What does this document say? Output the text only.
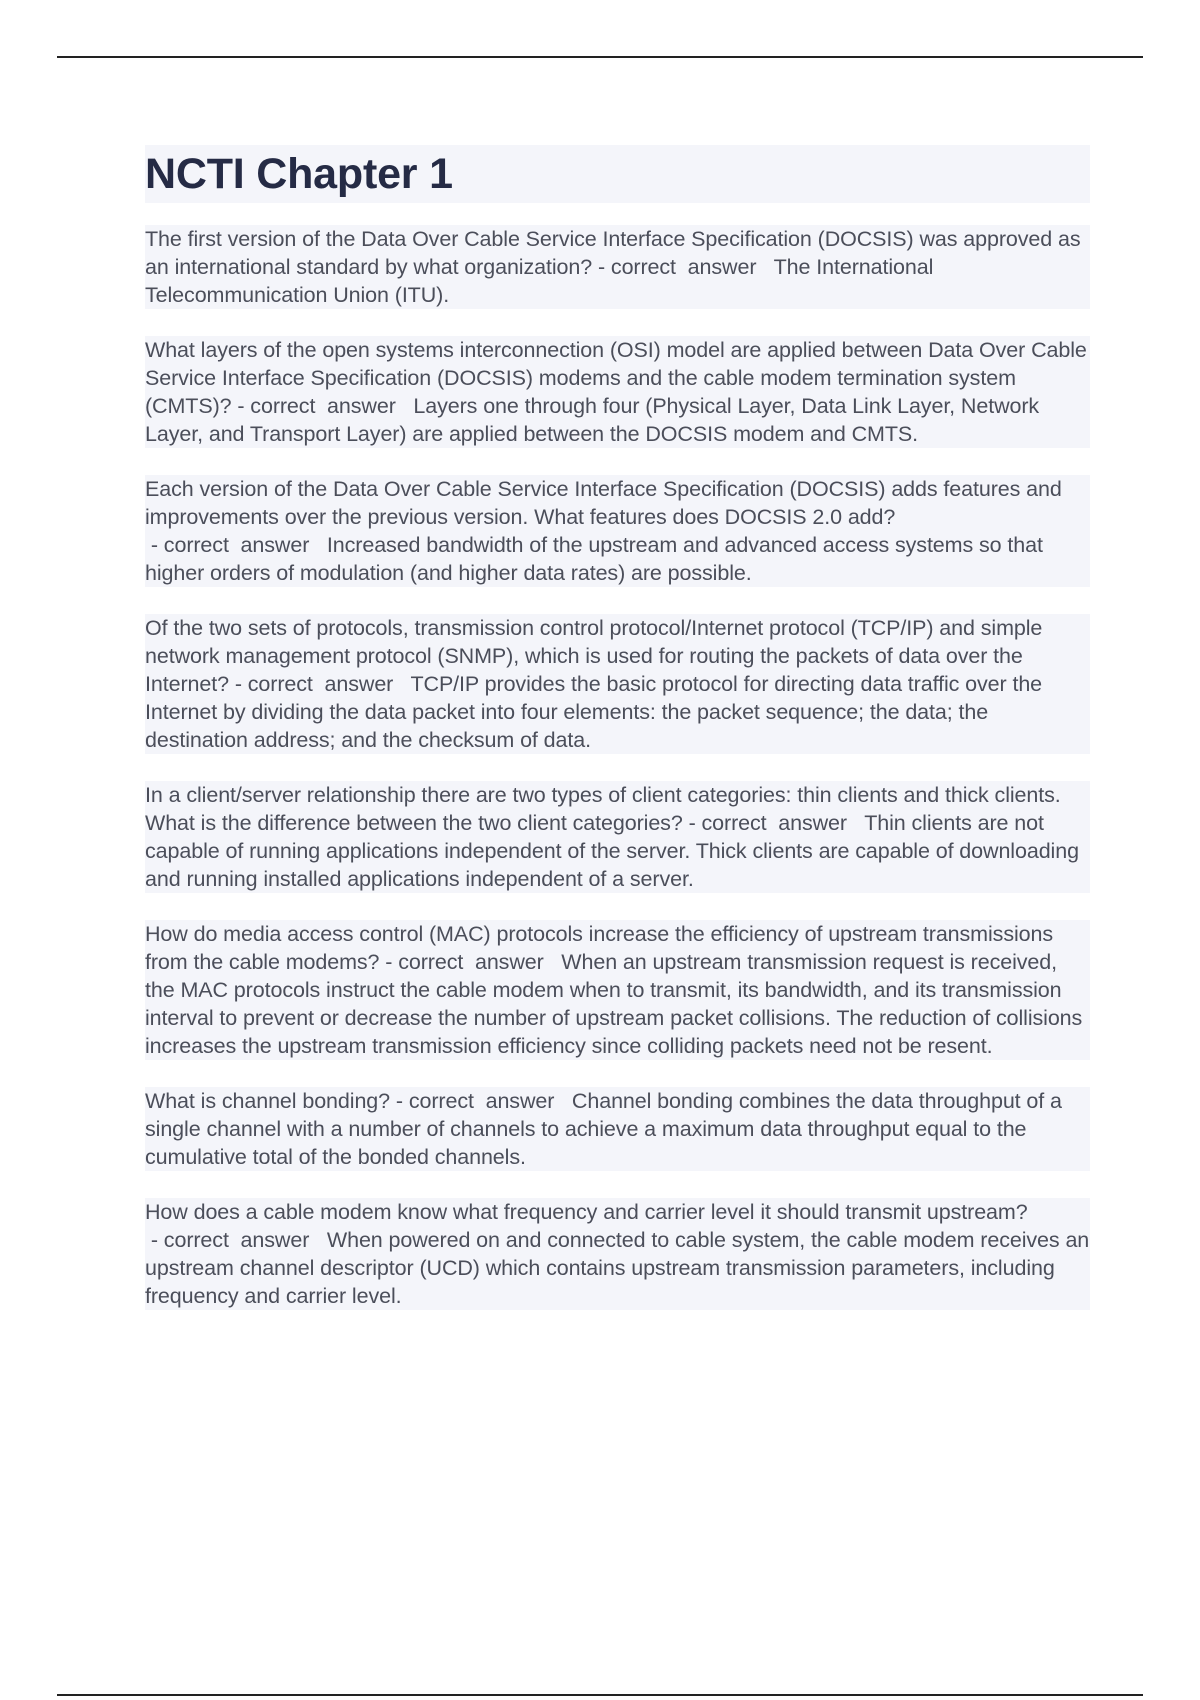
NCTI Chapter 1

The first version of the Data Over Cable Service Interface Specification (DOCSIS) was approved as an international standard by what organization? - correct  answer   The International Telecommunication Union (ITU).

What layers of the open systems interconnection (OSI) model are applied between Data Over Cable Service Interface Specification (DOCSIS) modems and the cable modem termination system (CMTS)? - correct  answer   Layers one through four (Physical Layer, Data Link Layer, Network Layer, and Transport Layer) are applied between the DOCSIS modem and CMTS.

Each version of the Data Over Cable Service Interface Specification (DOCSIS) adds features and improvements over the previous version. What features does DOCSIS 2.0 add? - correct  answer   Increased bandwidth of the upstream and advanced access systems so that higher orders of modulation (and higher data rates) are possible.

Of the two sets of protocols, transmission control protocol/Internet protocol (TCP/IP) and simple network management protocol (SNMP), which is used for routing the packets of data over the Internet? - correct  answer   TCP/IP provides the basic protocol for directing data traffic over the Internet by dividing the data packet into four elements: the packet sequence; the data; the destination address; and the checksum of data.

In a client/server relationship there are two types of client categories: thin clients and thick clients. What is the difference between the two client categories? - correct  answer   Thin clients are not capable of running applications independent of the server. Thick clients are capable of downloading and running installed applications independent of a server.

How do media access control (MAC) protocols increase the efficiency of upstream transmissions from the cable modems? - correct  answer   When an upstream transmission request is received, the MAC protocols instruct the cable modem when to transmit, its bandwidth, and its transmission interval to prevent or decrease the number of upstream packet collisions. The reduction of collisions increases the upstream transmission efficiency since colliding packets need not be resent.

What is channel bonding? - correct  answer   Channel bonding combines the data throughput of a single channel with a number of channels to achieve a maximum data throughput equal to the cumulative total of the bonded channels.

How does a cable modem know what frequency and carrier level it should transmit upstream? - correct  answer   When powered on and connected to cable system, the cable modem receives an upstream channel descriptor (UCD) which contains upstream transmission parameters, including frequency and carrier level.
